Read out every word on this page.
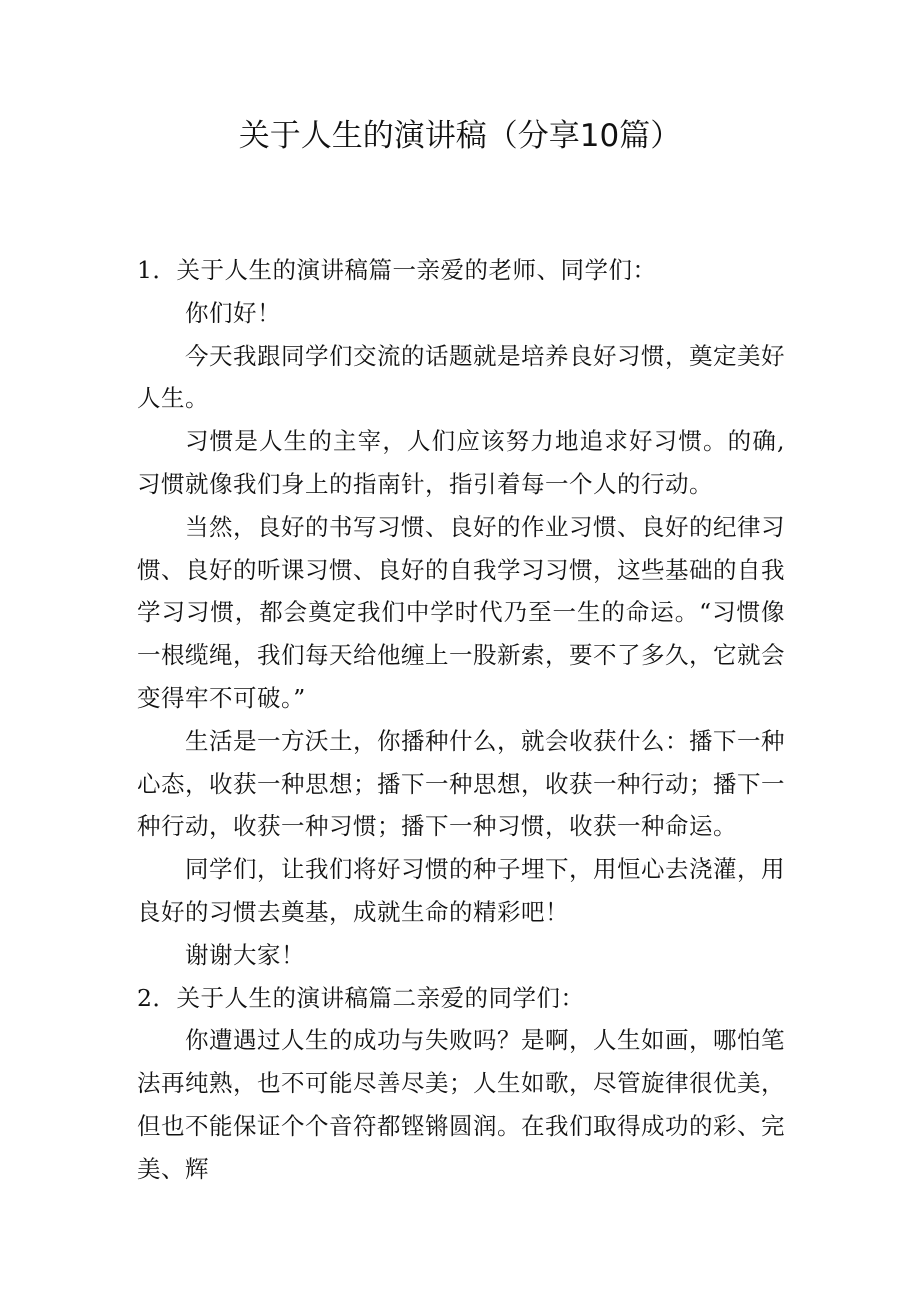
关于人生的演讲稿（分享10篇）

1．关于人生的演讲稿篇一亲爱的老师、同学们：

你们好！

今天我跟同学们交流的话题就是培养良好习惯，奠定美好人生。

习惯是人生的主宰，人们应该努力地追求好习惯。的确,习惯就像我们身上的指南针，指引着每一个人的行动。

当然，良好的书写习惯、良好的作业习惯、良好的纪律习惯、良好的听课习惯、良好的自我学习习惯，这些基础的自我学习习惯，都会奠定我们中学时代乃至一生的命运。“习惯像一根缆绳，我们每天给他缠上一股新索，要不了多久，它就会变得牢不可破。”

生活是一方沃土，你播种什么，就会收获什么：播下一种心态，收获一种思想；播下一种思想，收获一种行动；播下一种行动，收获一种习惯；播下一种习惯，收获一种命运。

同学们，让我们将好习惯的种子埋下，用恒心去浇灌，用良好的习惯去奠基，成就生命的精彩吧！

谢谢大家！

2．关于人生的演讲稿篇二亲爱的同学们：

你遭遇过人生的成功与失败吗？是啊，人生如画，哪怕笔法再纯熟，也不可能尽善尽美；人生如歌，尽管旋律很优美，但也不能保证个个音符都铿锵圆润。在我们取得成功的彩、完美、辉
